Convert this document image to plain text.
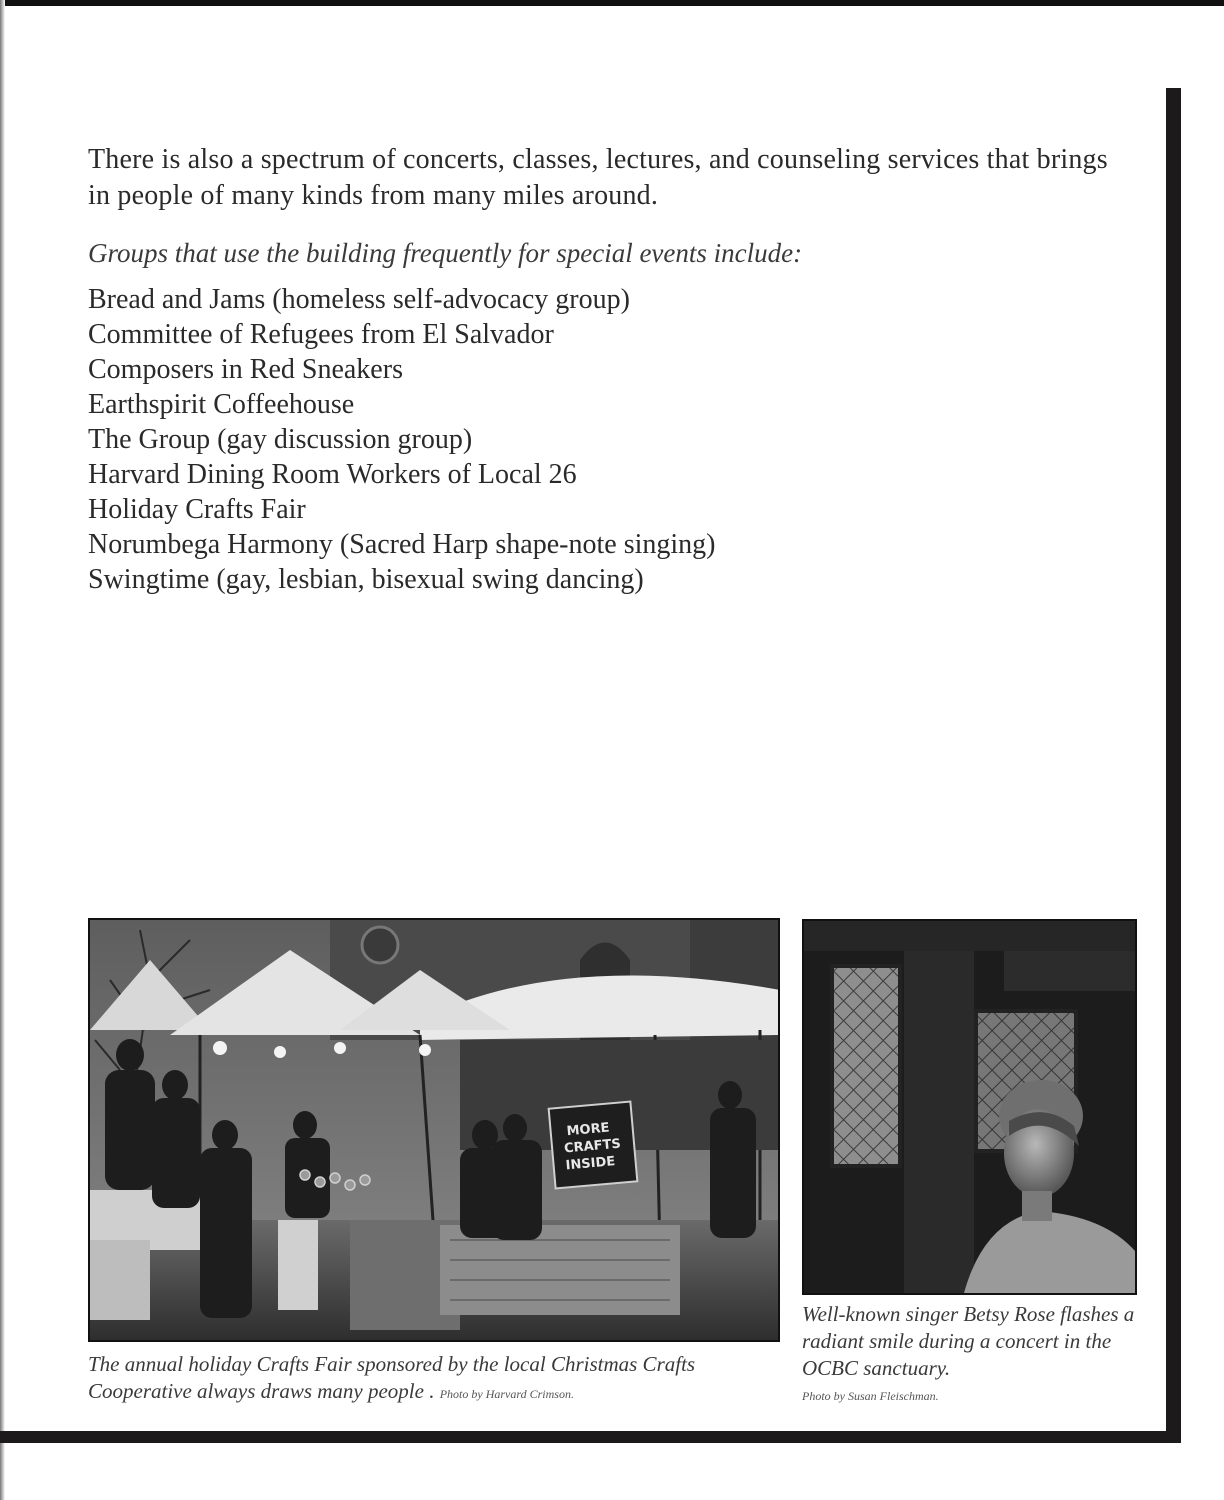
There is also a spectrum of concerts, classes, lectures, and counseling services that brings in people of many kinds from many miles around.

Groups that use the building frequently for special events include:

Bread and Jams (homeless self-advocacy group)
Committee of Refugees from El Salvador
Composers in Red Sneakers
Earthspirit Coffeehouse
The Group (gay discussion group)
Harvard Dining Room Workers of Local 26
Holiday Crafts Fair
Norumbega Harmony (Sacred Harp shape-note singing)
Swingtime (gay, lesbian, bisexual swing dancing)
MORE
CRAFTS
INSIDE
The annual holiday Crafts Fair sponsored by the local Christmas Crafts Cooperative always draws many people . Photo by Harvard Crimson.
Well-known singer Betsy Rose flashes a radiant smile during a concert in the OCBC sanctuary.
Photo by Susan Fleischman.
